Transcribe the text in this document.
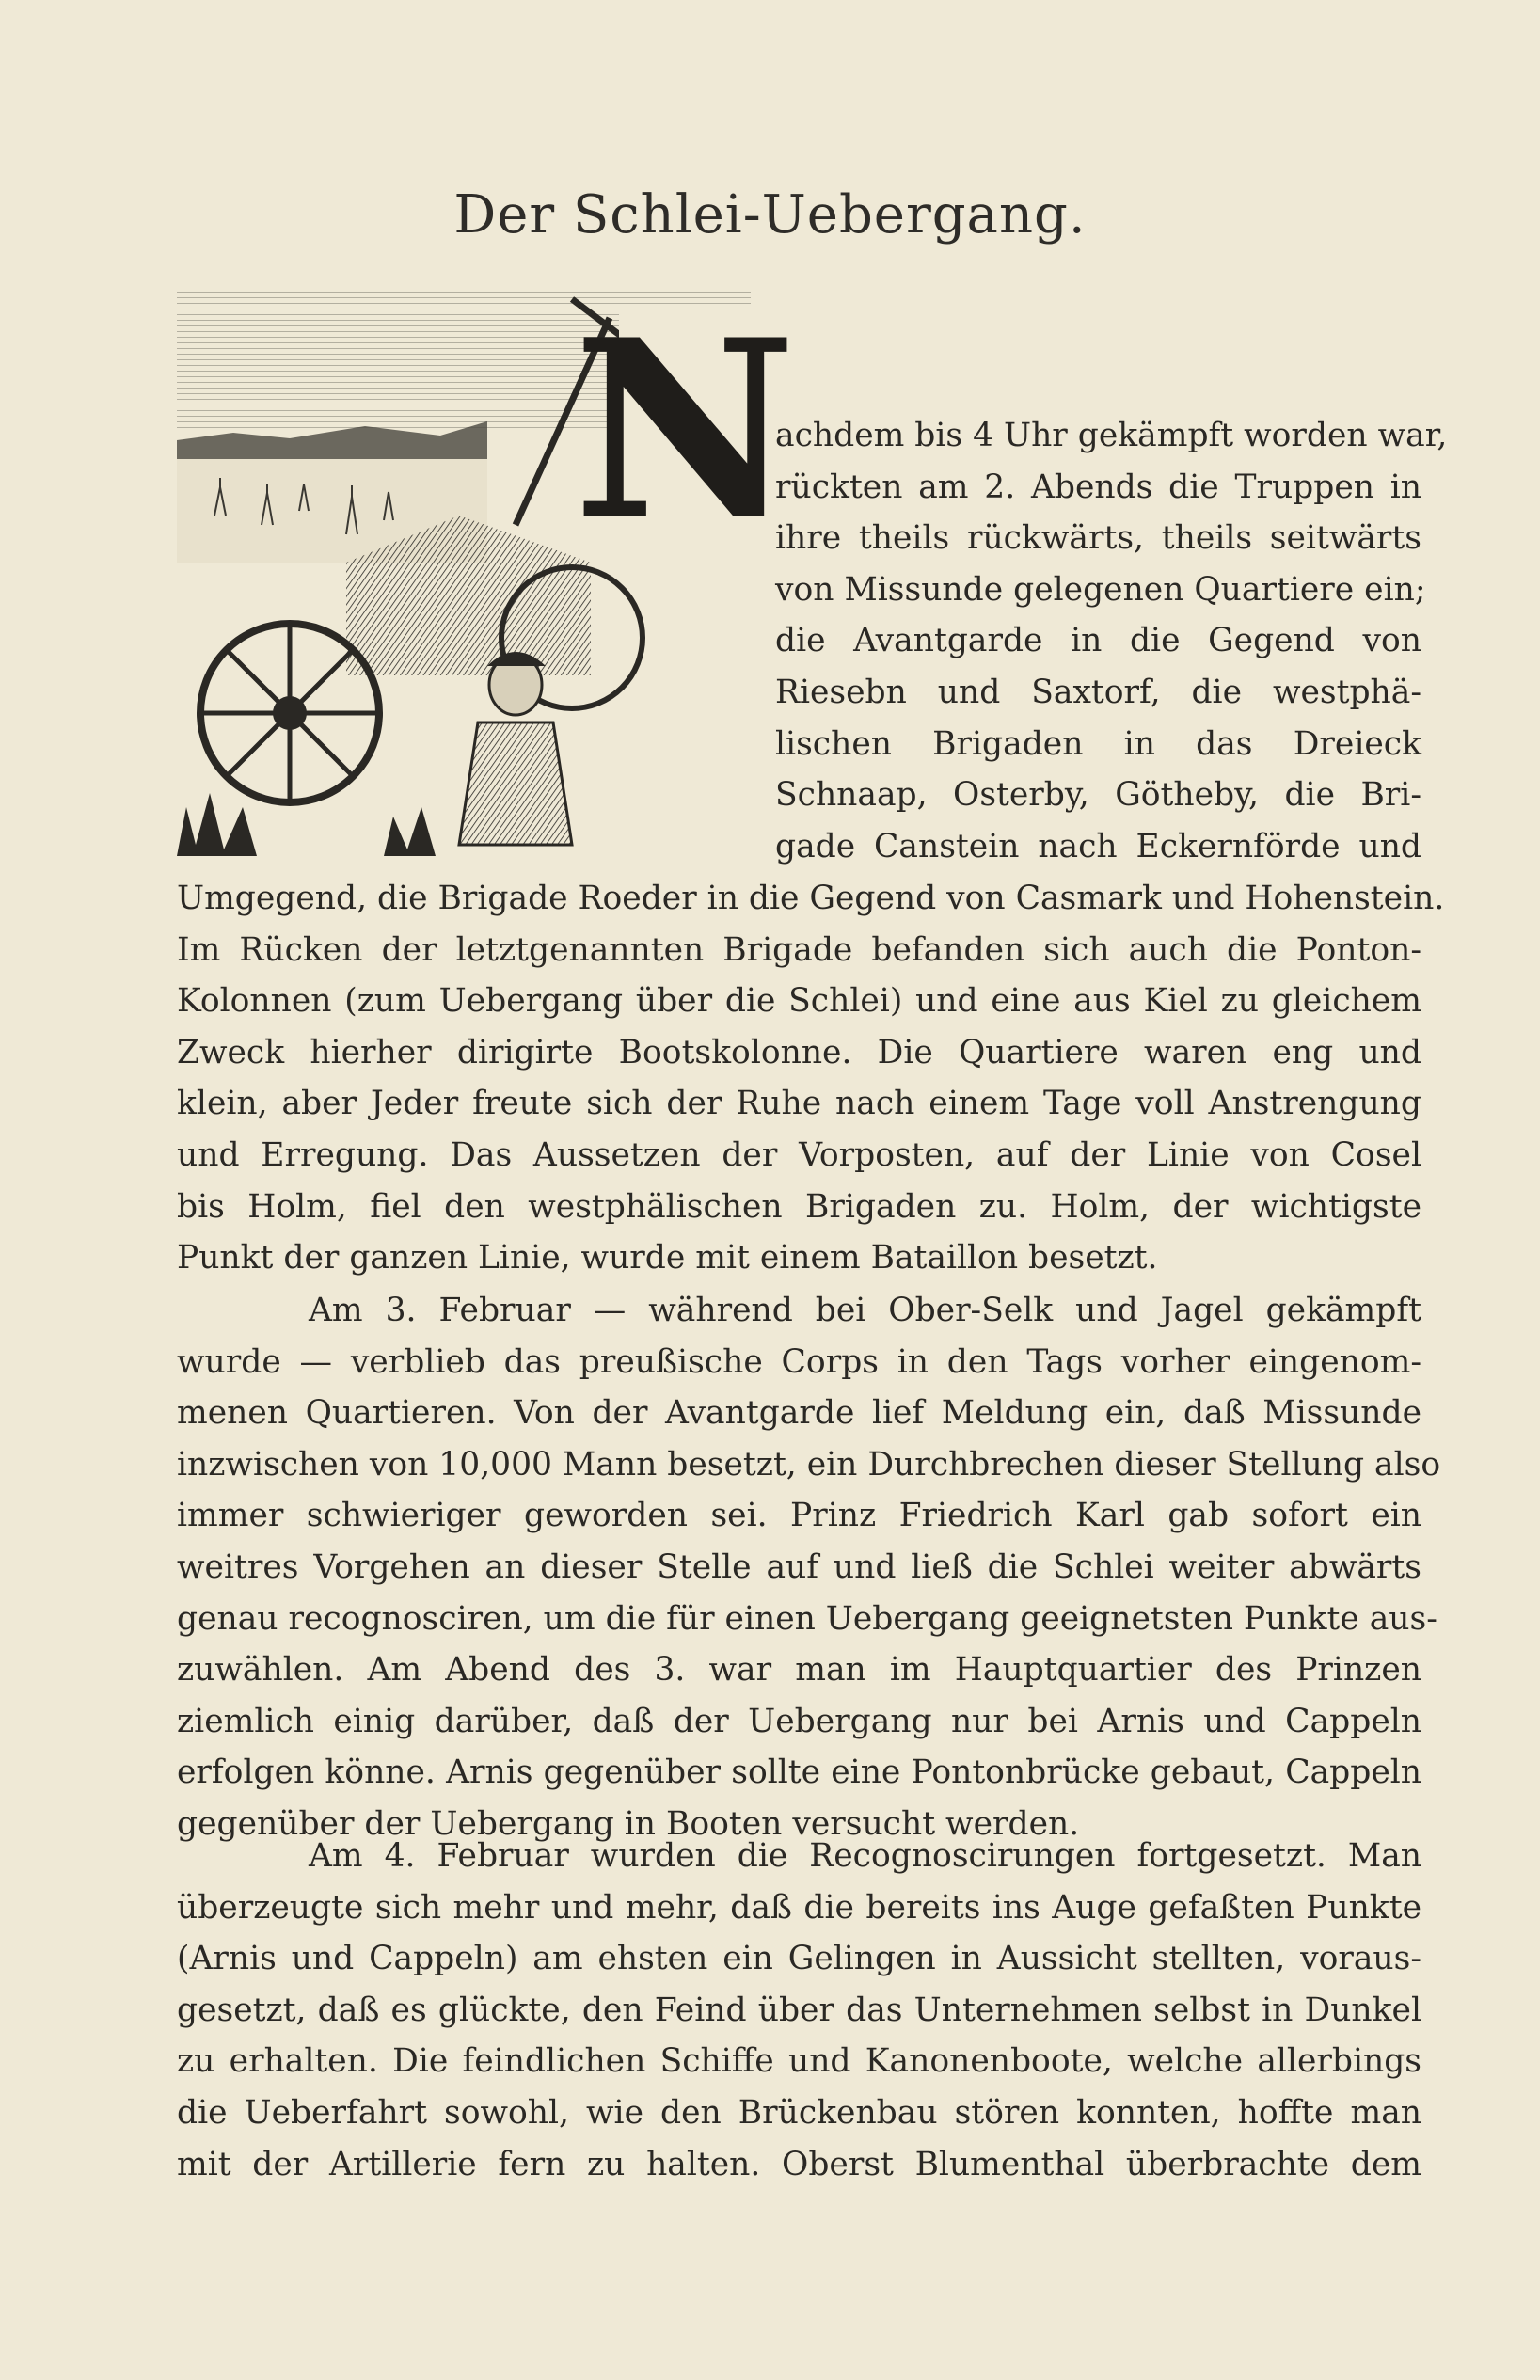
Der Schlei-Uebergang.
N
achdem bis 4 Uhr gekämpft worden war,
rückten am 2. Abends die Truppen in
ihre theils rückwärts, theils seitwärts
von Missunde gelegenen Quartiere ein;
die Avantgarde in die Gegend von
Riesebn und Saxtorf, die westphä-
lischen Brigaden in das Dreieck
Schnaap, Osterby, Götheby, die Bri-
gade Canstein nach Eckernförde und
Umgegend, die Brigade Roeder in die Gegend von Casmark und Hohenstein.
Im Rücken der letztgenannten Brigade befanden sich auch die Ponton-
Kolonnen (zum Uebergang über die Schlei) und eine aus Kiel zu gleichem
Zweck hierher dirigirte Bootskolonne. Die Quartiere waren eng und
klein, aber Jeder freute sich der Ruhe nach einem Tage voll Anstrengung
und Erregung. Das Aussetzen der Vorposten, auf der Linie von Cosel
bis Holm, fiel den westphälischen Brigaden zu. Holm, der wichtigste
Punkt der ganzen Linie, wurde mit einem Bataillon besetzt.
Am 3. Februar — während bei Ober-Selk und Jagel gekämpft
wurde — verblieb das preußische Corps in den Tags vorher eingenom-
menen Quartieren. Von der Avantgarde lief Meldung ein, daß Missunde
inzwischen von 10,000 Mann besetzt, ein Durchbrechen dieser Stellung also
immer schwieriger geworden sei. Prinz Friedrich Karl gab sofort ein
weitres Vorgehen an dieser Stelle auf und ließ die Schlei weiter abwärts
genau recognosciren, um die für einen Uebergang geeignetsten Punkte aus-
zuwählen. Am Abend des 3. war man im Hauptquartier des Prinzen
ziemlich einig darüber, daß der Uebergang nur bei Arnis und Cappeln
erfolgen könne. Arnis gegenüber sollte eine Pontonbrücke gebaut, Cappeln
gegenüber der Uebergang in Booten versucht werden.
Am 4. Februar wurden die Recognoscirungen fortgesetzt. Man
überzeugte sich mehr und mehr, daß die bereits ins Auge gefaßten Punkte
(Arnis und Cappeln) am ehsten ein Gelingen in Aussicht stellten, voraus-
gesetzt, daß es glückte, den Feind über das Unternehmen selbst in Dunkel
zu erhalten. Die feindlichen Schiffe und Kanonenboote, welche allerbings
die Ueberfahrt sowohl, wie den Brückenbau stören konnten, hoffte man
mit der Artillerie fern zu halten. Oberst Blumenthal überbrachte dem
